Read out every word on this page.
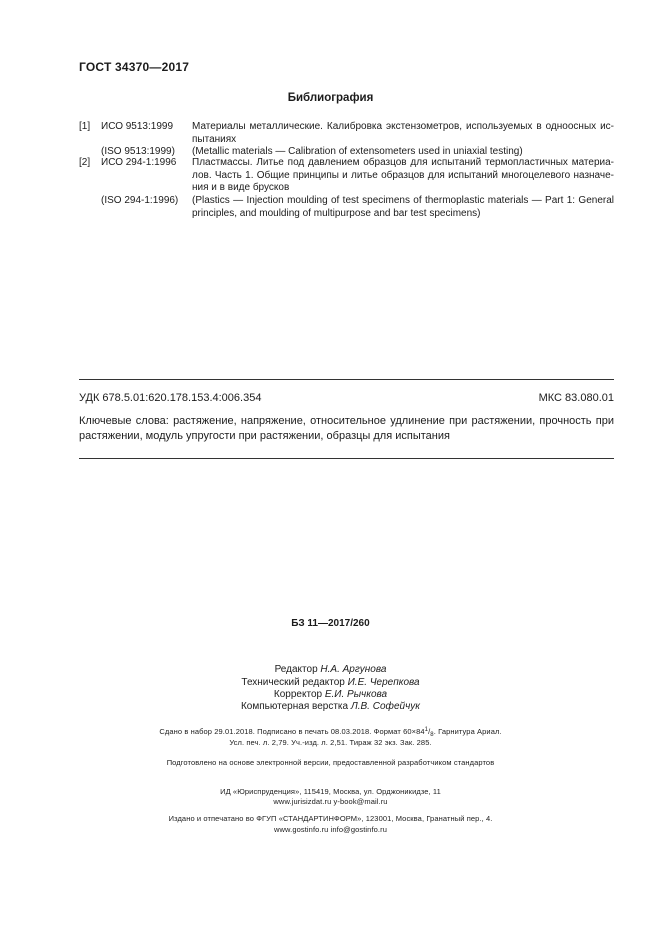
ГОСТ 34370—2017
Библиография
[1] ИСО 9513:1999 Материалы металлические. Калибровка экстензометров, используемых в одноосных ис-
пытаниях
(ISO 9513:1999) (Metallic materials — Calibration of extensometers used in uniaxial testing)
[2] ИСО 294-1:1996 Пластмассы. Литье под давлением образцов для испытаний термопластичных материа-
лов. Часть 1. Общие принципы и литье образцов для испытаний многоцелевого назначе-
ния и в виде брусков
(ISO 294-1:1996) (Plastics — Injection moulding of test specimens of thermoplastic materials — Part 1: General
principles, and moulding of multipurpose and bar test specimens)
УДК 678.5.01:620.178.153.4:006.354	МКС 83.080.01
Ключевые слова: растяжение, напряжение, относительное удлинение при растяжении, прочность при растяжении, модуль упругости при растяжении, образцы для испытания
БЗ 11—2017/260
Редактор Н.А. Аргунова
Технический редактор И.Е. Черепкова
Корректор Е.И. Рычкова
Компьютерная верстка Л.В. Софейчук
Сдано в набор 29.01.2018. Подписано в печать 08.03.2018. Формат $60\times 84^1/_8$. Гарнитура Ариал.
Усл. печ. л. 2,79. Уч.-изд. л. 2,51. Тираж 32 экз. Зак. 285.
Подготовлено на основе электронной версии, предоставленной разработчиком стандартов
ИД «Юриспруденция», 115419, Москва, ул. Орджоникидзе, 11
www.jurisizdat.ru y-book@mail.ru
Издано и отпечатано во ФГУП «СТАНДАРТИНФОРМ», 123001, Москва, Гранатный пер., 4.
www.gostinfo.ru info@gostinfo.ru
